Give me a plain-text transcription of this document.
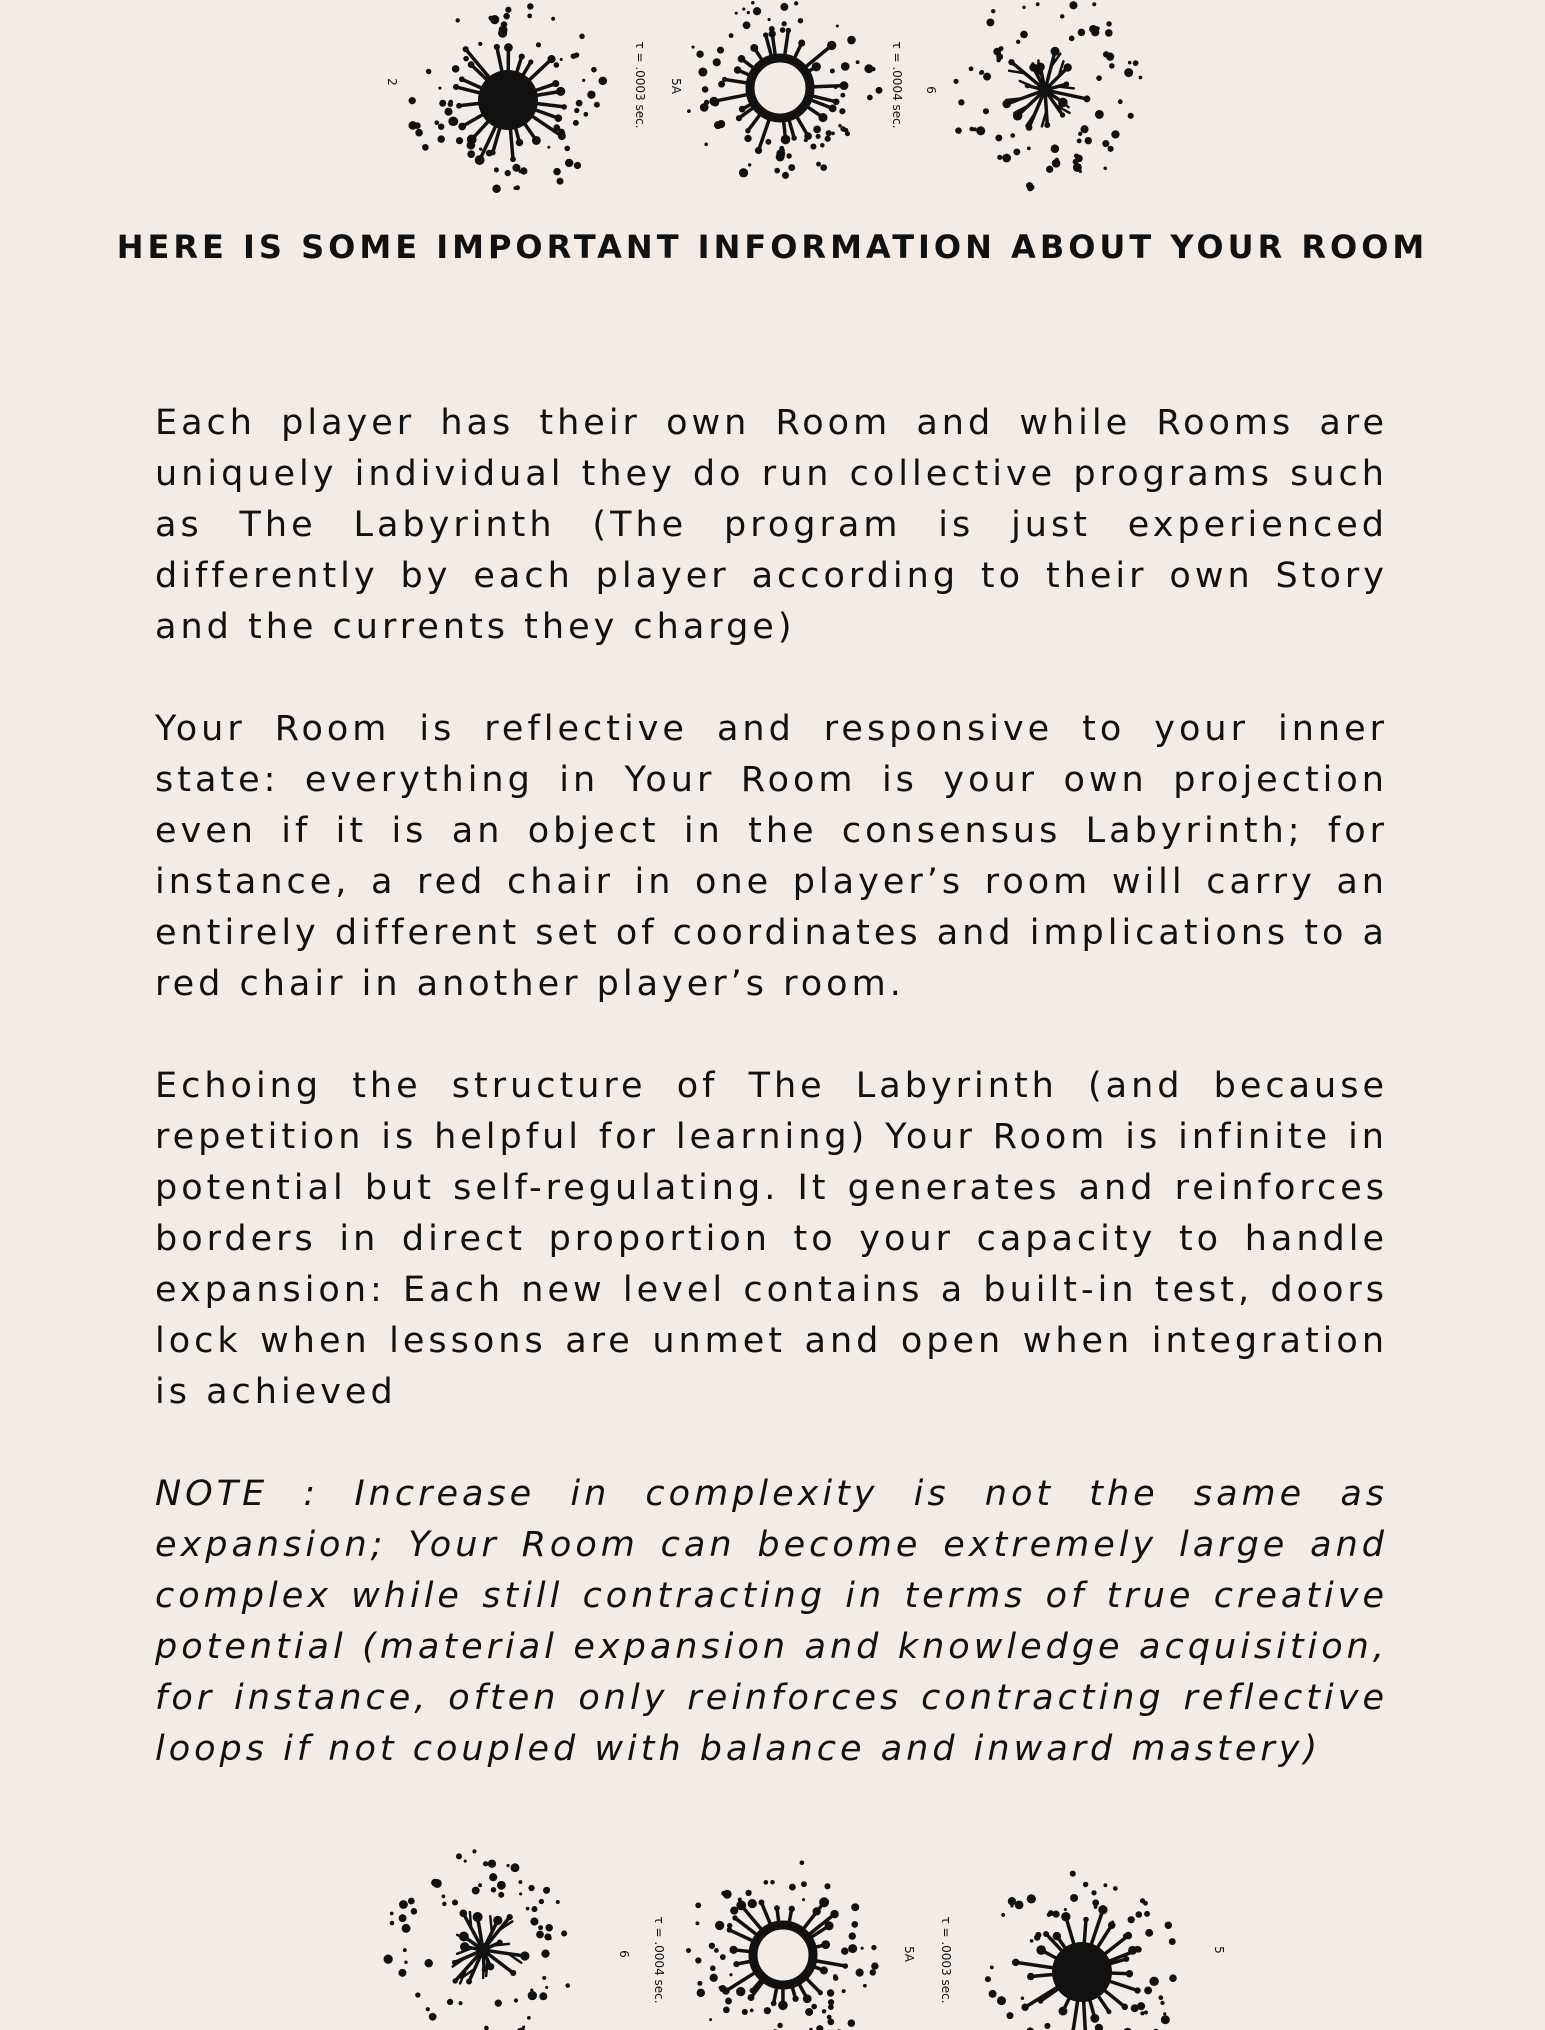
2	τ = .0003 sec. 5A	τ = .0004 sec. 6
HERE IS SOME IMPORTANT INFORMATION ABOUT YOUR ROOM

Each player has their own Room and while Rooms are uniquely individual they do run collective programs such as The Labyrinth (The program is just experienced differently by each player according to their own Story and the currents they charge)

Your Room is reflective and responsive to your inner state: everything in Your Room is your own projection even if it is an object in the consensus Labyrinth; for instance, a red chair in one player’s room will carry an entirely different set of coordinates and implications to a red chair in another player’s room.

Echoing the structure of The Labyrinth (and because repetition is helpful for learning) Your Room is infinite in potential but self-regulating. It generates and reinforces borders in direct proportion to your capacity to handle expansion: Each new level contains a built-in test, doors lock when lessons are unmet and open when integration is achieved

NOTE : Increase in complexity is not the same as expansion; Your Room can become extremely large and complex while still contracting in terms of true creative potential (material expansion and knowledge acquisition, for instance, often only reinforces contracting reflective loops if not coupled with balance and inward mastery)

6 τ = .0004 sec.	5A τ = .0003 sec.	5
